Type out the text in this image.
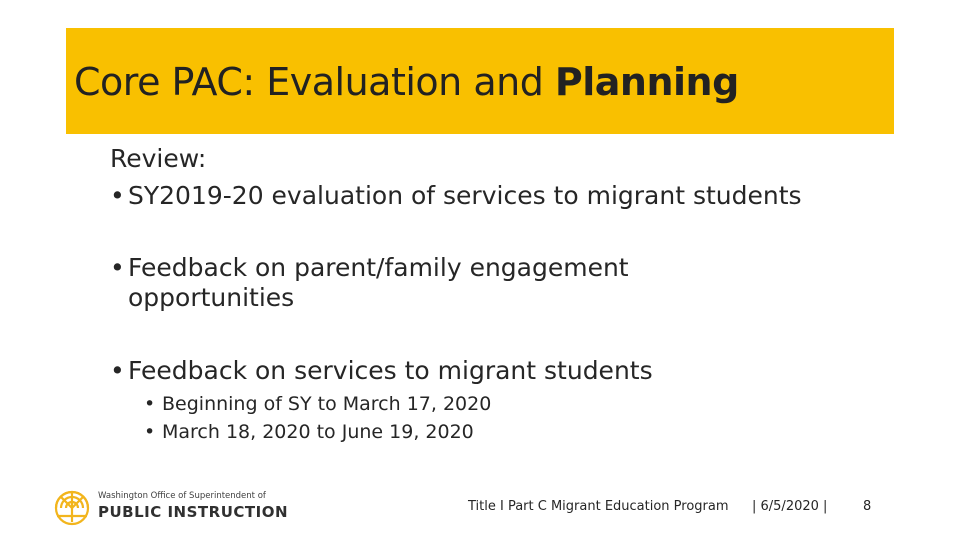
Core PAC: Evaluation and Planning

Review:

• SY2019-20 evaluation of services to migrant students
• Feedback on parent/family engagement
opportunities
• Feedback on services to migrant students
• Beginning of SY to March 17, 2020
• March 18, 2020 to June 19, 2020
Washington Office of Superintendent of
PUBLIC INSTRUCTION	Title I Part C Migrant Education Program | 6/5/2020 |	8
